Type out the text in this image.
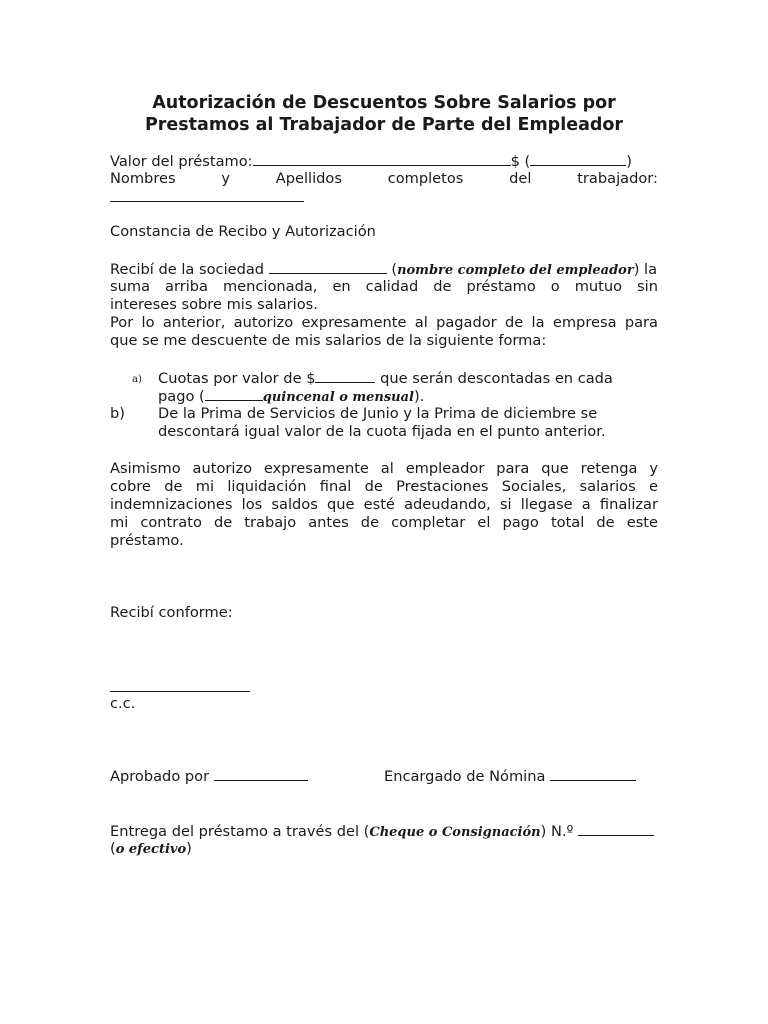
Autorización de Descuentos Sobre Salarios por
Prestamos al Trabajador de Parte del Empleador
Valor del préstamo:	$ (	)
Nombres	y	Apellidos	completos	del	trabajador:
Constancia de Recibo y Autorización
Recibí de la sociedad	(nombre completo del empleador) la
suma arriba mencionada, en calidad de préstamo o mutuo sin
intereses sobre mis salarios.
Por lo anterior, autorizo expresamente al pagador de la empresa para
que se me descuente de mis salarios de la siguiente forma:
a) Cuotas por valor de $	que serán descontadas en cada
pago (	quincenal o mensual).
b) De la Prima de Servicios de Junio y la Prima de diciembre se
descontará igual valor de la cuota fijada en el punto anterior.
Asimismo autorizo expresamente al empleador para que retenga y
cobre de mi liquidación final de Prestaciones Sociales, salarios e
indemnizaciones los saldos que esté adeudando, si llegase a finalizar
mi contrato de trabajo antes de completar el pago total de este
préstamo.
Recibí conforme:
c.c.
Aprobado por	Encargado de Nómina
Entrega del préstamo a través del (Cheque o Consignación) N.º
(o efectivo)
